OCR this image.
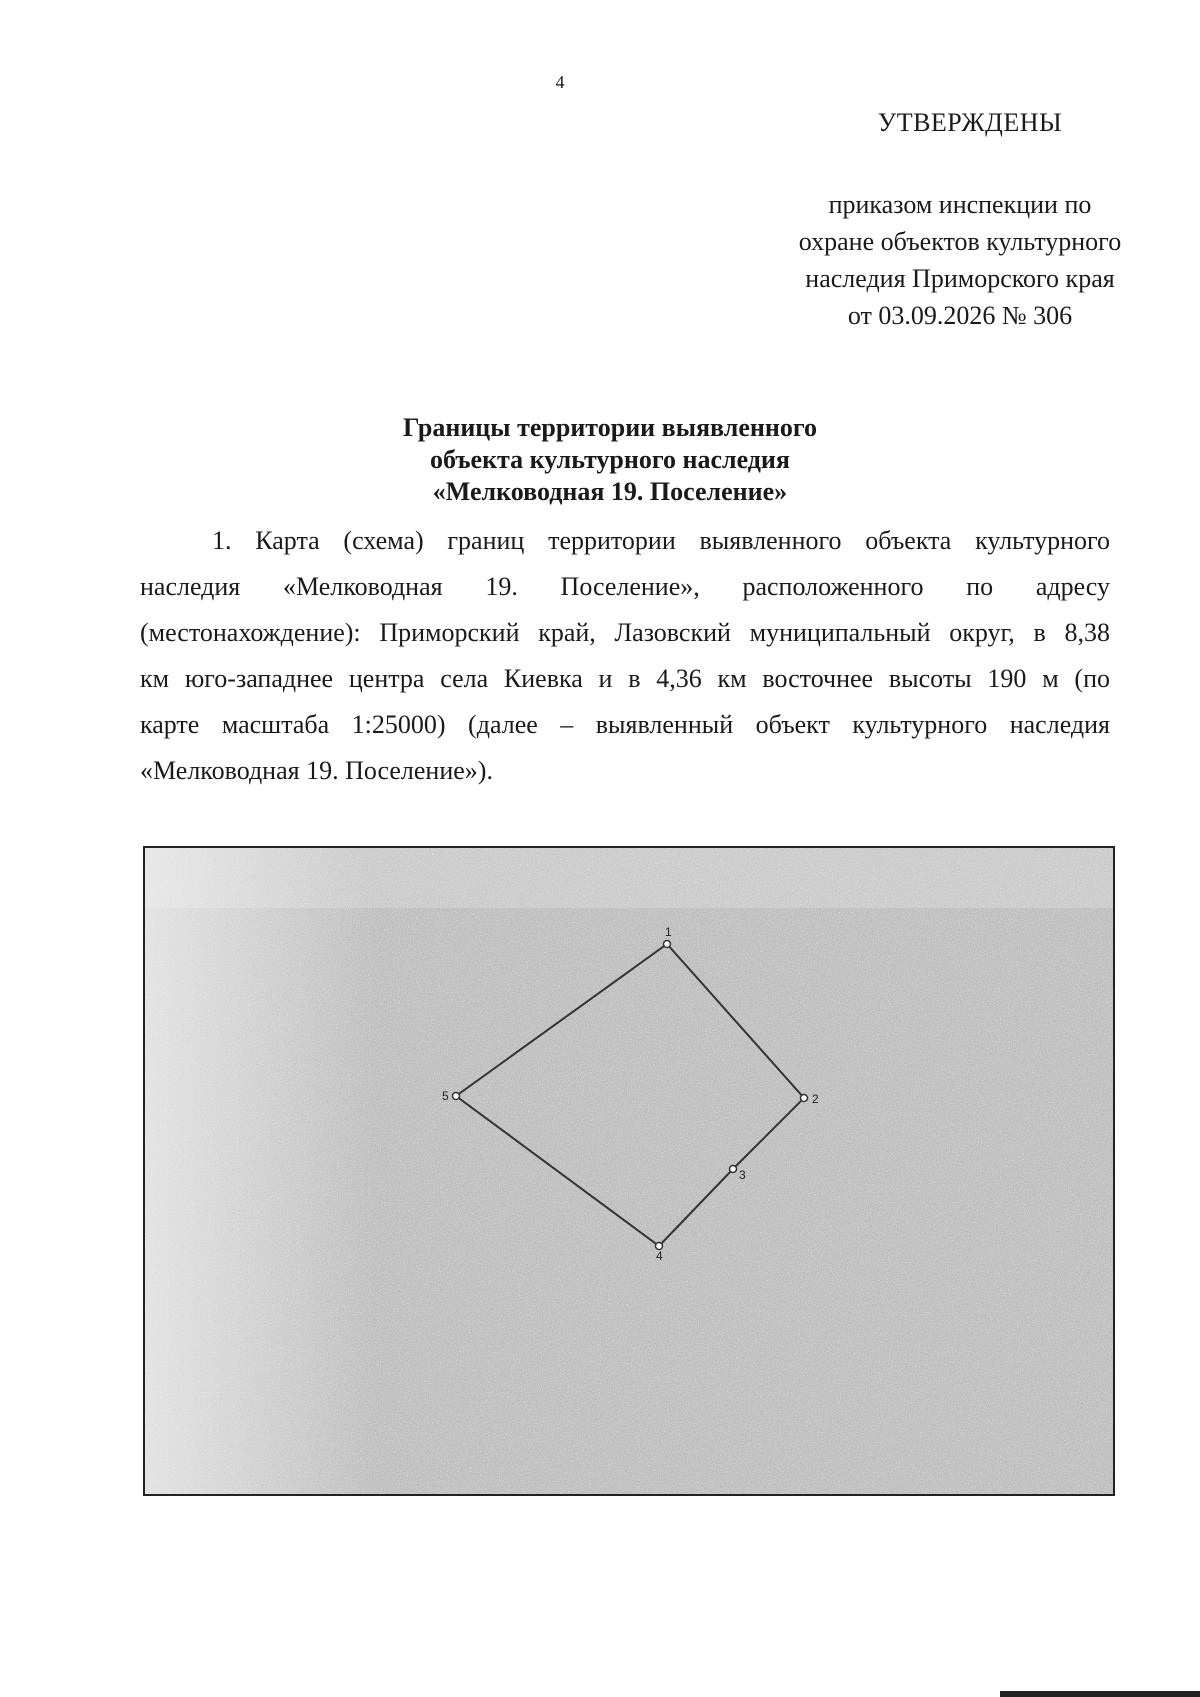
4
УТВЕРЖДЕНЫ
приказом инспекции по
охране объектов культурного
наследия Приморского края
от 03.09.2026 № 306
Границы территории выявленного
объекта культурного наследия
«Мелководная 19. Поселение»
1. Карта (схема) границ территории выявленного объекта культурного
наследия «Мелководная 19. Поселение», расположенного по адресу
(местонахождение): Приморский край, Лазовский муниципальный округ, в 8,38
км юго-западнее центра села Киевка и в 4,36 км восточнее высоты 190 м (по
карте масштаба 1:25000) (далее – выявленный объект культурного наследия
«Мелководная 19. Поселение»).
1
2
3
4
5
